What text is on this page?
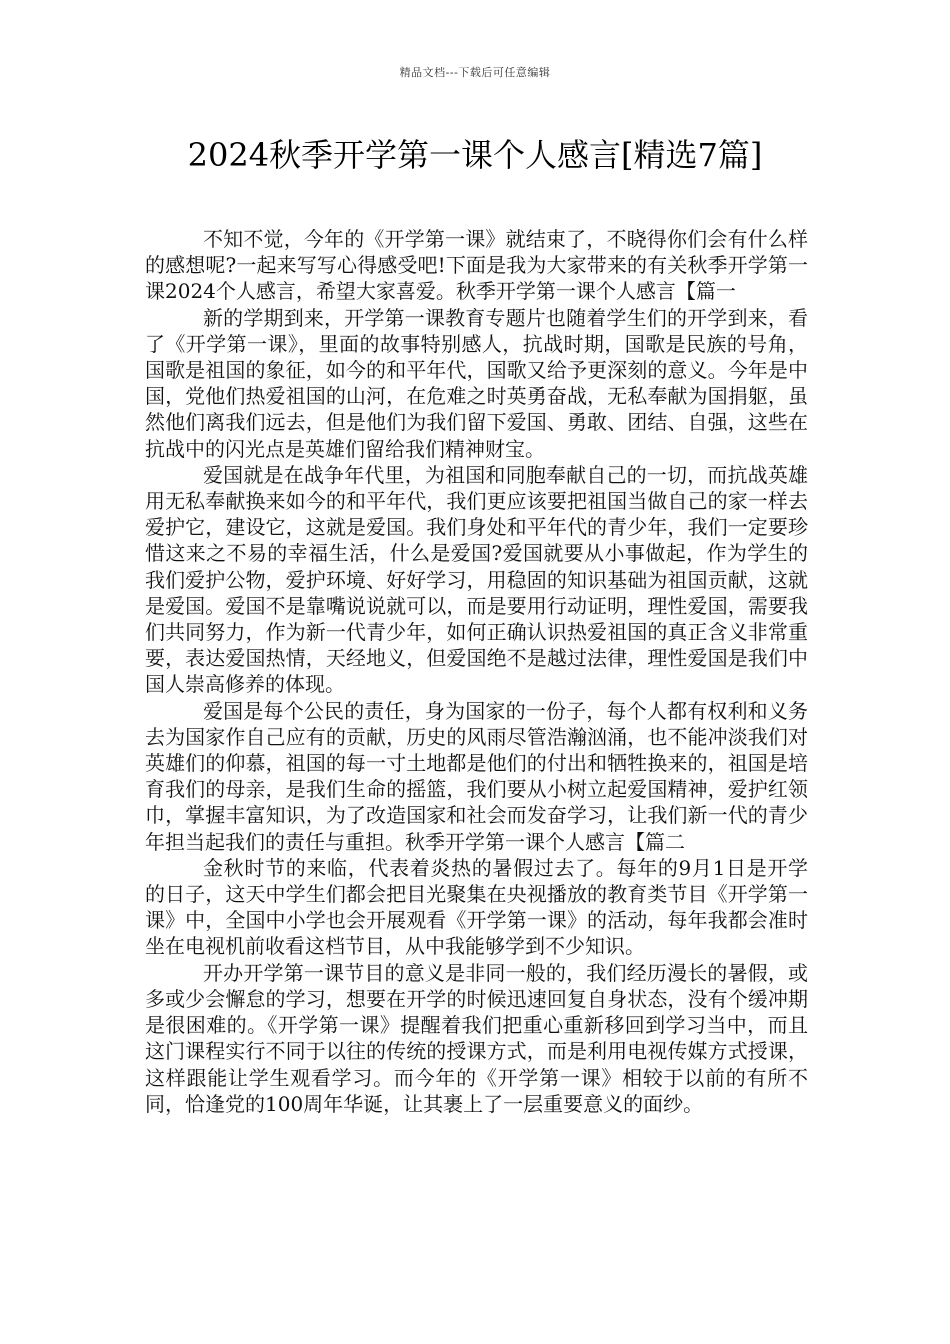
精品文档---下载后可任意编辑
2024秋季开学第一课个人感言[精选7篇]

不知不觉，今年的《开学第一课》就结束了，不晓得你们会有什么样的感想呢?一起来写写心得感受吧!下面是我为大家带来的有关秋季开学第一课2024个人感言，希望大家喜爱。秋季开学第一课个人感言【篇一

新的学期到来，开学第一课教育专题片也随着学生们的开学到来，看了《开学第一课》，里面的故事特别感人，抗战时期，国歌是民族的号角，国歌是祖国的象征，如今的和平年代，国歌又给予更深刻的意义。今年是中国，党他们热爱祖国的山河，在危难之时英勇奋战，无私奉献为国捐躯，虽然他们离我们远去，但是他们为我们留下爱国、勇敢、团结、自强，这些在抗战中的闪光点是英雄们留给我们精神财宝。

爱国就是在战争年代里，为祖国和同胞奉献自己的一切，而抗战英雄用无私奉献换来如今的和平年代，我们更应该要把祖国当做自己的家一样去爱护它，建设它，这就是爱国。我们身处和平年代的青少年，我们一定要珍惜这来之不易的幸福生活，什么是爱国?爱国就要从小事做起，作为学生的我们爱护公物，爱护环境、好好学习，用稳固的知识基础为祖国贡献，这就是爱国。爱国不是靠嘴说说就可以，而是要用行动证明，理性爱国，需要我们共同努力，作为新一代青少年，如何正确认识热爱祖国的真正含义非常重要，表达爱国热情，天经地义，但爱国绝不是越过法律，理性爱国是我们中国人崇高修养的体现。

爱国是每个公民的责任，身为国家的一份子，每个人都有权利和义务去为国家作自己应有的贡献，历史的风雨尽管浩瀚汹涌，也不能冲淡我们对英雄们的仰慕，祖国的每一寸土地都是他们的付出和牺牲换来的，祖国是培育我们的母亲，是我们生命的摇篮，我们要从小树立起爱国精神，爱护红领巾，掌握丰富知识，为了改造国家和社会而发奋学习，让我们新一代的青少年担当起我们的责任与重担。秋季开学第一课个人感言【篇二

金秋时节的来临，代表着炎热的暑假过去了。每年的9月1日是开学的日子，这天中学生们都会把目光聚集在央视播放的教育类节目《开学第一课》中，全国中小学也会开展观看《开学第一课》的活动，每年我都会准时坐在电视机前收看这档节目，从中我能够学到不少知识。

开办开学第一课节目的意义是非同一般的，我们经历漫长的暑假，或多或少会懈怠的学习，想要在开学的时候迅速回复自身状态，没有个缓冲期是很困难的。《开学第一课》提醒着我们把重心重新移回到学习当中，而且这门课程实行不同于以往的传统的授课方式，而是利用电视传媒方式授课，这样跟能让学生观看学习。而今年的《开学第一课》相较于以前的有所不同，恰逢党的100周年华诞，让其裹上了一层重要意义的面纱。
